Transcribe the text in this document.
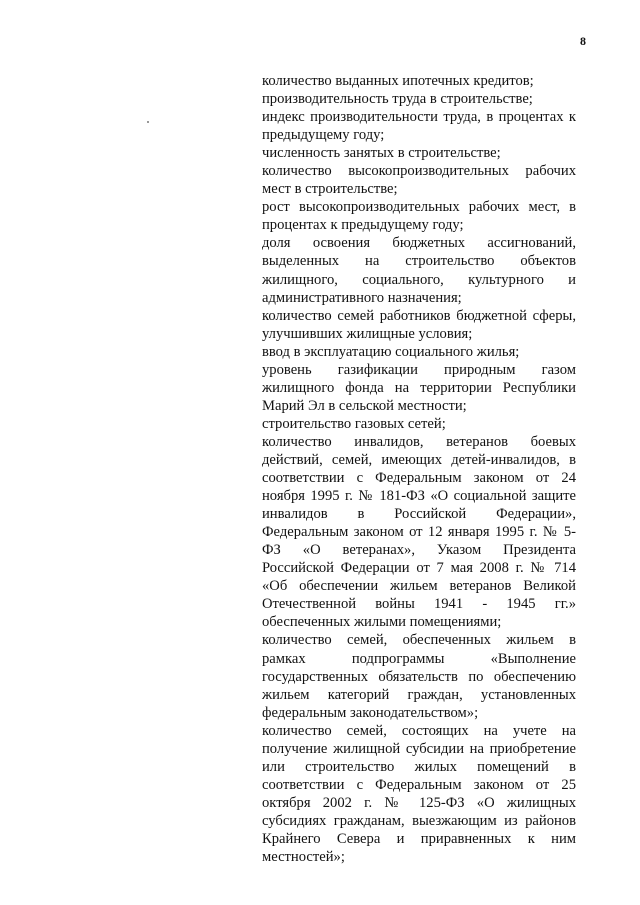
8

количество выданных ипотечных кредитов;

производительность труда в строительстве;

индекс производительности труда, в процентах к предыдущему году;

численность занятых в строительстве;

количество высокопроизводительных рабочих мест в строительстве;

рост высокопроизводительных рабочих мест, в процентах к предыдущему году;

доля освоения бюджетных ассигнований, выделенных на строительство объектов жилищного, социального, культурного и административного назначения;

количество семей работников бюджетной сферы, улучшивших жилищные условия;

ввод в эксплуатацию социального жилья;

уровень газификации природным газом жилищного фонда на территории Республики Марий Эл в сельской местности;

строительство газовых сетей;

количество инвалидов, ветеранов боевых действий, семей, имеющих детей-инвалидов, в соответствии с Федеральным законом от 24 ноября 1995 г. № 181-ФЗ «О социальной защите инвалидов в Российской Федерации», Федеральным законом от 12 января 1995 г. № 5-ФЗ «О ветеранах», Указом Президента Российской Федерации от 7 мая 2008 г. № 714 «Об обеспечении жильем ветеранов Великой Отечественной войны 1941 - 1945 гг.» обеспеченных жилыми помещениями;

количество семей, обеспеченных жильем в рамках подпрограммы «Выполнение государственных обязательств по обеспечению жильем категорий граждан, установленных федеральным законодательством»;

количество семей, состоящих на учете на получение жилищной субсидии на приобретение или строительство жилых помещений в соответствии с Федеральным законом от 25 октября 2002 г. № 125-ФЗ «О жилищных субсидиях гражданам, выезжающим из районов Крайнего Севера и приравненных к ним местностей»;
